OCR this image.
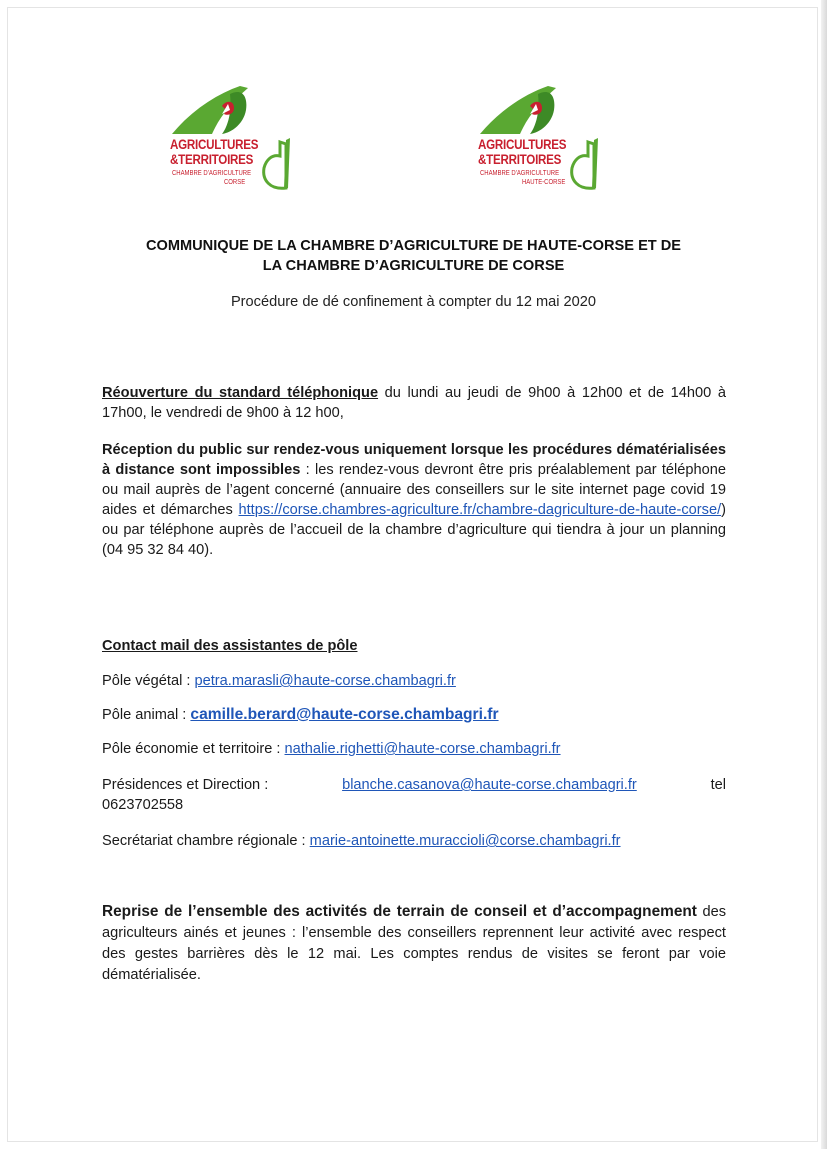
AGRICULTURES
&TERRITOIRES
CHAMBRE D'AGRICULTURE
CORSE
AGRICULTURES
&TERRITOIRES
CHAMBRE D'AGRICULTURE
HAUTE-CORSE
COMMUNIQUE DE LA CHAMBRE D’AGRICULTURE DE HAUTE-CORSE ET DE
LA CHAMBRE D’AGRICULTURE DE CORSE
Procédure de dé confinement à compter du 12 mai 2020
Réouverture du standard téléphonique du lundi au jeudi de 9h00 à 12h00 et de 14h00 à 17h00, le vendredi de 9h00 à 12 h00,
Réception du public sur rendez-vous uniquement lorsque les procédures dématérialisées à distance sont impossibles : les rendez-vous devront être pris préalablement par téléphone ou mail auprès de l’agent concerné (annuaire des conseillers sur le site internet page covid 19 aides et démarches https://corse.chambres-agriculture.fr/chambre-dagriculture-de-haute-corse/) ou par téléphone auprès de l’accueil de la chambre d’agriculture qui tiendra à jour un planning (04 95 32 84 40).
Contact mail des assistantes de pôle
Pôle végétal : petra.marasli@haute-corse.chambagri.fr
Pôle animal : camille.berard@haute-corse.chambagri.fr
Pôle économie et territoire : nathalie.righetti@haute-corse.chambagri.fr
Présidences et Direction :	blanche.casanova@haute-corse.chambagri.fr	tel
0623702558
Secrétariat chambre régionale : marie-antoinette.muraccioli@corse.chambagri.fr
Reprise de l’ensemble des activités de terrain de conseil et d’accompagnement des agriculteurs ainés et jeunes : l’ensemble des conseillers reprennent leur activité avec respect des gestes barrières dès le 12 mai. Les comptes rendus de visites se feront par voie dématérialisée.
